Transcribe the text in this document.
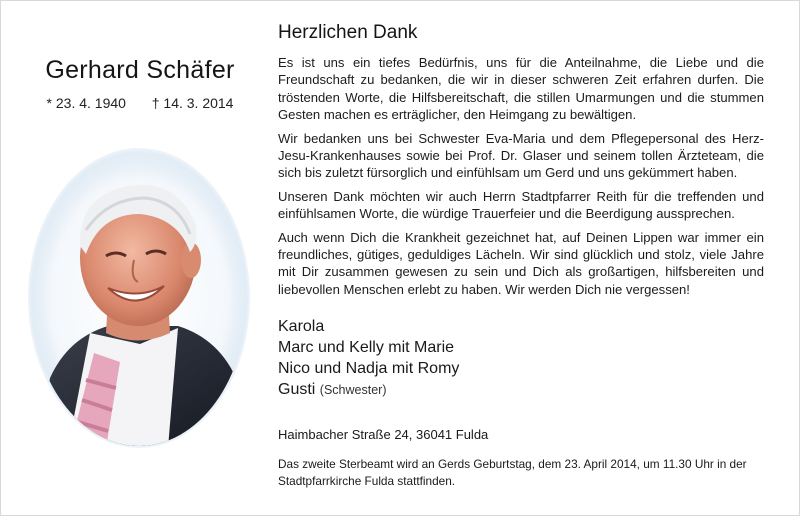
Gerhard Schäfer
* 23. 4. 1940 † 14. 3. 2014
Herzlichen Dank

Es ist uns ein tiefes Bedürfnis, uns für die Anteilnahme, die Liebe und die Freundschaft zu bedanken, die wir in dieser schweren Zeit erfahren durfen. Die tröstenden Worte, die Hilfsbereitschaft, die stillen Umarmungen und die stummen Gesten machen es erträglicher, den Heimgang zu bewältigen.

Wir bedanken uns bei Schwester Eva-Maria und dem Pflegepersonal des Herz-Jesu-Krankenhauses sowie bei Prof. Dr. Glaser und seinem tollen Ärzteteam, die sich bis zuletzt fürsorglich und einfühlsam um Gerd und uns gekümmert haben.

Unseren Dank möchten wir auch Herrn Stadtpfarrer Reith für die treffenden und einfühlsamen Worte, die würdige Trauerfeier und die Beerdigung aussprechen.

Auch wenn Dich die Krankheit gezeichnet hat, auf Deinen Lippen war immer ein freundliches, gütiges, geduldiges Lächeln. Wir sind glücklich und stolz, viele Jahre mit Dir zusammen gewesen zu sein und Dich als großartigen, hilfsbereiten und liebevollen Menschen erlebt zu haben. Wir werden Dich nie vergessen!

Karola
Marc und Kelly mit Marie
Nico und Nadja mit Romy
Gusti (Schwester)
Haimbacher Straße 24, 36041 Fulda
Das zweite Sterbeamt wird an Gerds Geburtstag, dem 23. April 2014, um 11.30 Uhr in der Stadtpfarrkirche Fulda stattfinden.
